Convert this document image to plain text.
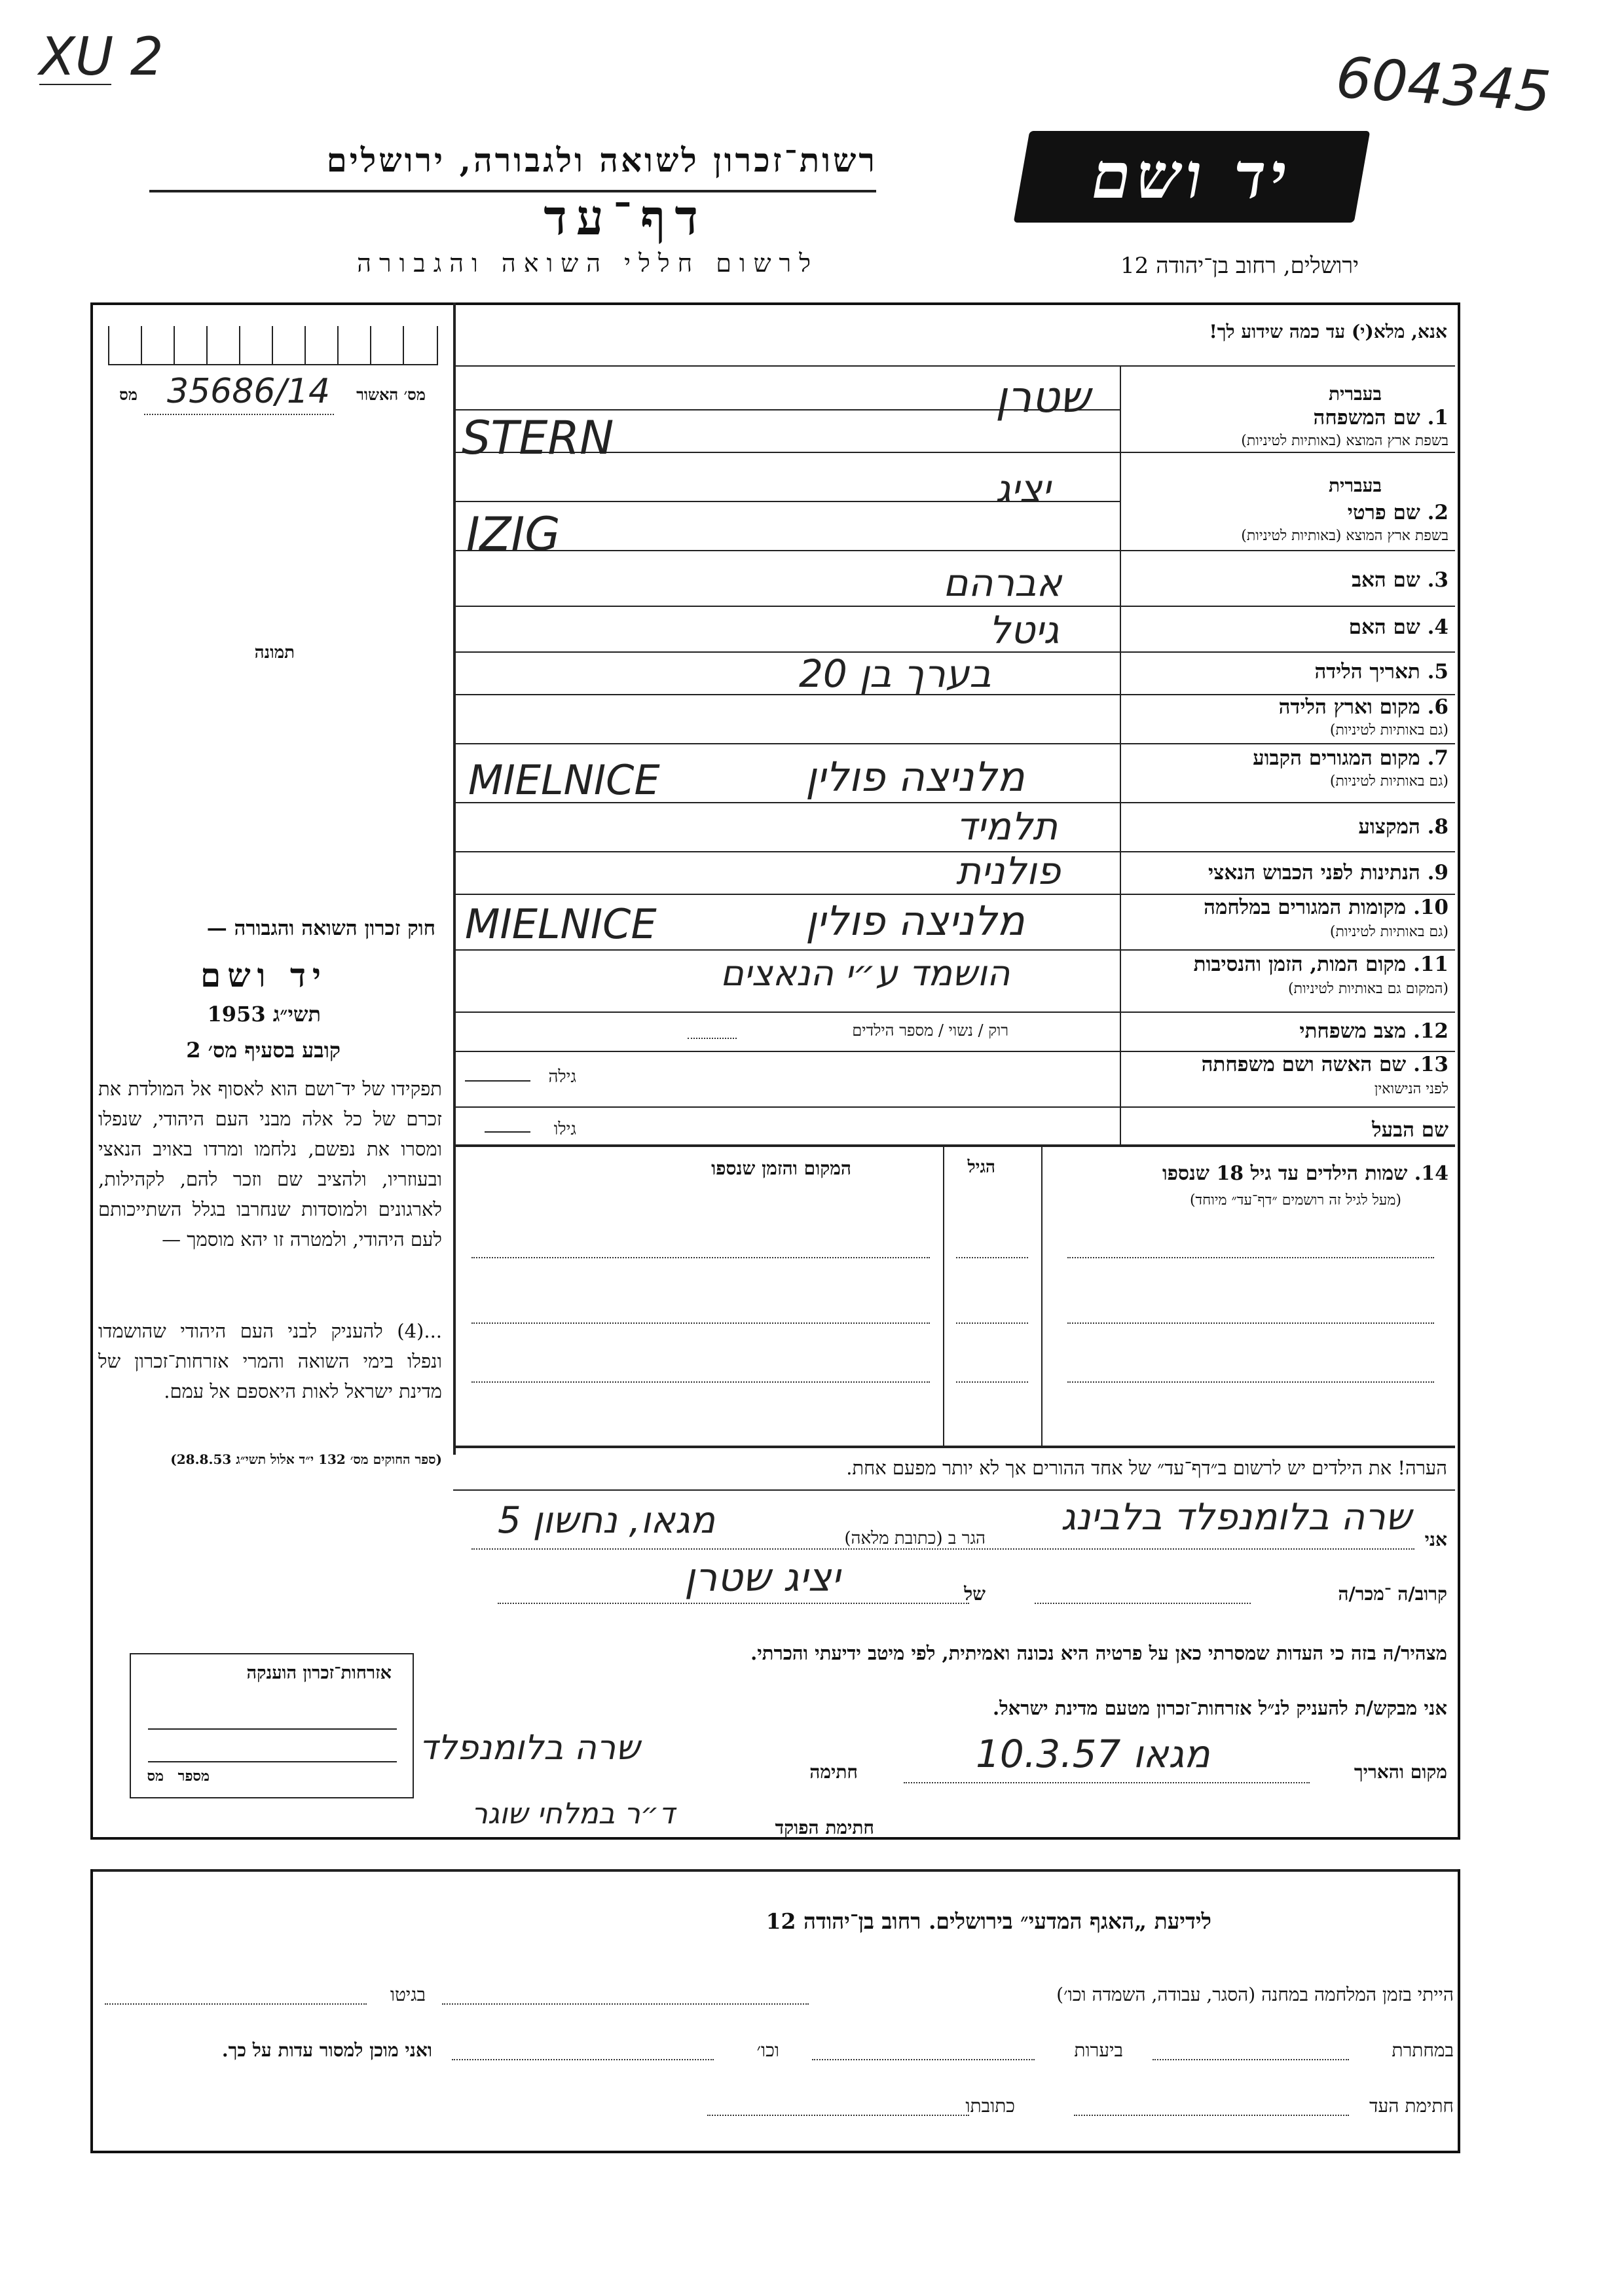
XU 2	604345
רשות־זכרון לשואה ולגבורה, ירושלים
דף־עד
לרשום חללי השואה והגבורה
יד ושם
ירושלים, רחוב בן־יהודה 12
מס׳ האשור
מס 35686/14
תמונה
חוק זכרון השואה והגבורה —
יד ושם
תשי״ג 1953
קובע בסעיף מס׳ 2
תפקידו של יד־ושם הוא לאסוף אל המולדת את זכרם של כל אלה מבני העם היהודי, שנפלו ומסרו את נפשם, נלחמו ומרדו באויב הנאצי ובעוזריו, ולהציב שם וזכר להם, לקהילות, לארגונים ולמוסדות שנחרבו בגלל השתייכותם לעם היהודי, ולמטרה זו יהא מוסמך —
...(4) להעניק לבני העם היהודי שהושמדו ונפלו בימי השואה והמרי אזרחות־זכרון של מדינת ישראל לאות היאספם אל עמם.
(ספר החוקים מס׳ 132 י״ד אלול תשי״ג 28.8.53)
אזרחות־זכרון הוענקה
מספר
מס
אנא, מלא(י) עד כמה שידוע לך!
בעברית
1. שם המשפחה
בשפת ארץ המוצא (באותיות לטיניות)
בעברית
2. שם פרטי
בשפת ארץ המוצא (באותיות לטיניות)
3. שם האב
4. שם האם
5. תאריך הלידה
6. מקום וארץ הלידה
(גם באותיות לטיניות)
7. מקום המגורים הקבוע
(גם באותיות לטיניות)
8. המקצוע
9. הנתינות לפני הכבוש הנאצי
10. מקומות המגורים במלחמה
(גם באותיות לטיניות)
11. מקום המות, הזמן והנסיבות
(המקום גם באותיות לטיניות)
12. מצב משפחתי
13. שם האשה ושם משפחתה
לפני הנישואין
שם הבעל
שטרן
STERN
יציג
IZIG
אברהם
גיטל
בערך בן 20
מלניצה פולין
MIELNICE
תלמיד
פולנית
מלניצה פולין
MIELNICE
הושמד ע״י הנאצים
רוק / נשוי / מספר הילדים
גילה
גילו
14. שמות הילדים עד גיל 18 שנספו
(מעל לגיל זה רושמים ״דף־עד״ מיוחד)
הגיל
המקום והזמן שנספו
הערה! את הילדים יש לרשום ב״דף־עד״ של אחד ההורים אך לא יותר מפעם אחת.
אני
שרה בלומנפלד בלבינג
הגר ב (כתובת מלאה)
מגאו, נחשון 5
קרוב/ה ־מכר/ה
של
יציג שטרן
מצהיר/ה בזה כי העדות שמסרתי כאן על פרטיה היא נכונה ואמיתית, לפי מיטב ידיעתי והכרתי.
אני מבקש/ת להעניק לנ״ל אזרחות־זכרון מטעם מדינת ישראל.
מקום והאריך
מגאו 10.3.57
חתימה
שרה בלומנפלד
חתימת הפוקד
ד״ר במלחי שוגר
לידיעת „האגף המדעי״ בירושלים. רחוב בן־יהודה 12
הייתי בזמן המלחמה במחנה (הסגר, עבודה, השמדה וכו׳)
בגיטו
במחתרת
ביערות
וכו׳
ואני מוכן למסור עדות על כך.
חתימת העד
כתובתו
